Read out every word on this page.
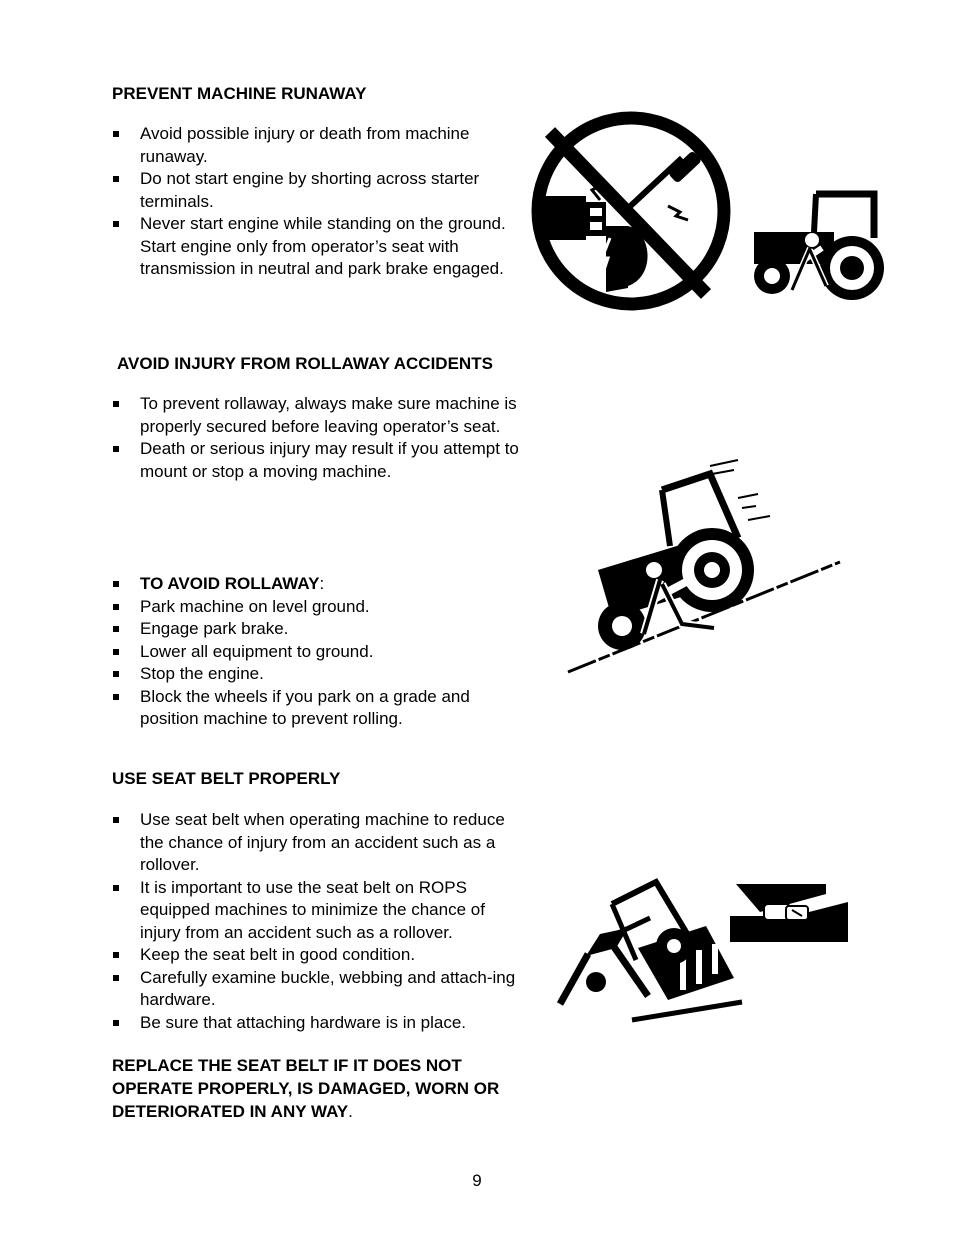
PREVENT MACHINE RUNAWAY
Avoid possible injury or death from machine runaway.
Do not start engine by shorting across starter terminals.
Never start engine while standing on the ground. Start engine only from operator’s seat with transmission in neutral and park brake engaged.
AVOID INJURY FROM ROLLAWAY ACCIDENTS
To prevent rollaway, always make sure machine is properly secured before leaving operator’s seat.
Death or serious injury may result if you attempt to mount or stop a moving machine.
TO AVOID ROLLAWAY:
Park machine on level ground.
Engage park brake.
Lower all equipment to ground.
Stop the engine.
Block the wheels if you park on a grade and position machine to prevent rolling.
USE SEAT BELT PROPERLY
Use seat belt when operating machine to reduce the chance of injury from an accident such as a rollover.
It is important to use the seat belt on ROPS equipped machines to minimize the chance of injury from an accident such as a rollover.
Keep the seat belt in good condition.
Carefully examine buckle, webbing and attach-ing hardware.
Be sure that attaching hardware is in place.

REPLACE THE SEAT BELT IF IT DOES NOT OPERATE PROPERLY, IS DAMAGED, WORN OR DETERIORATED IN ANY WAY.

9
